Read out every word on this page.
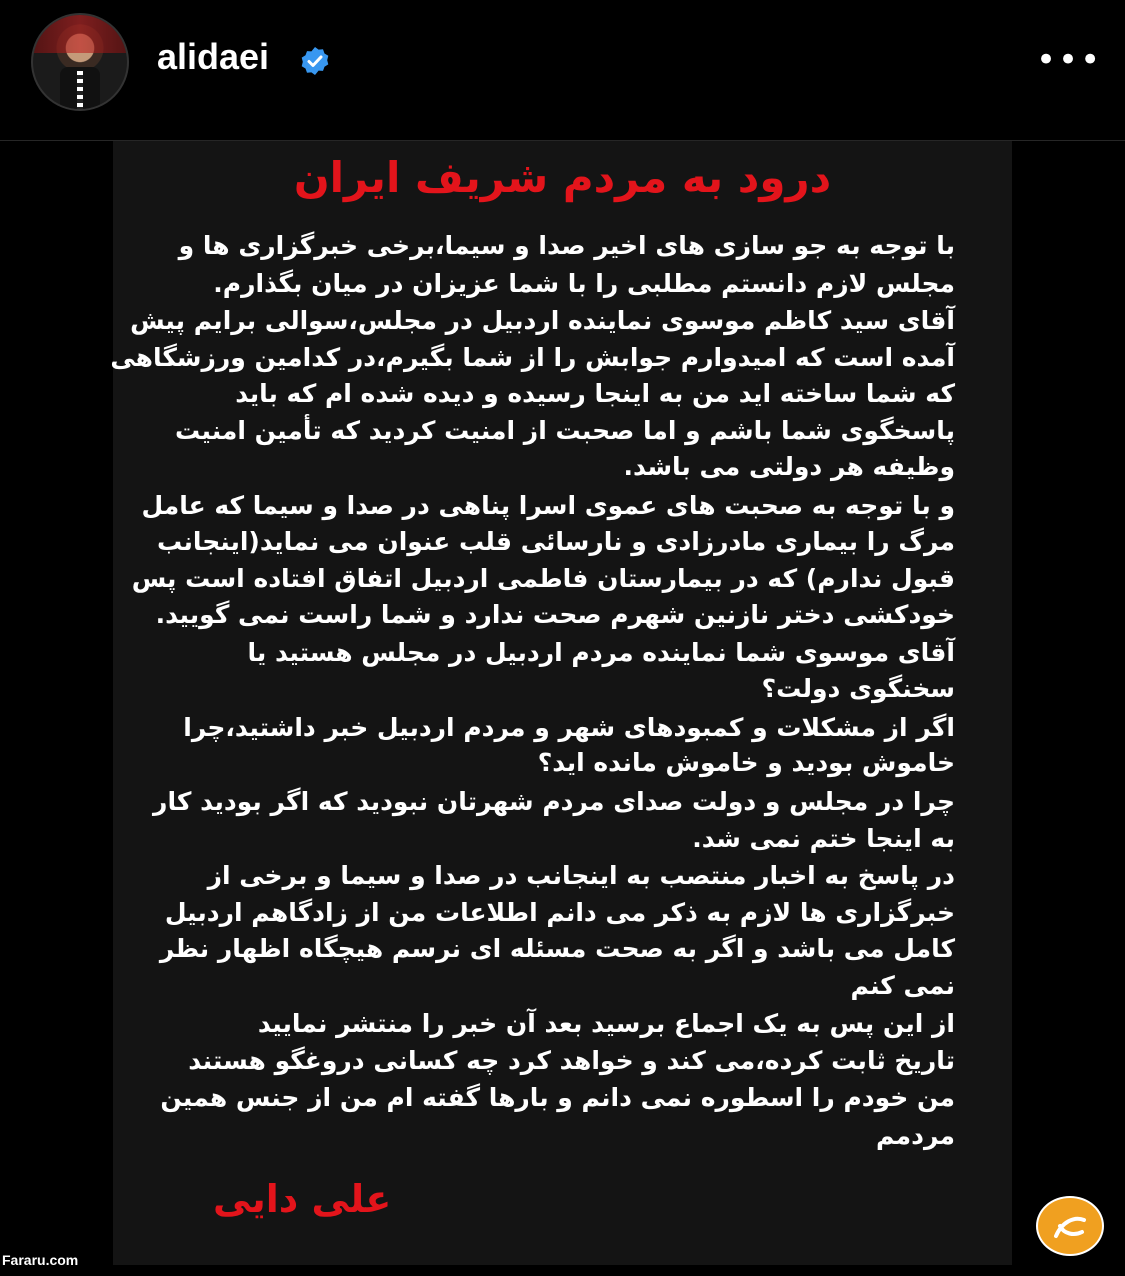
alidaei	•••
درود به مردم شریف ایران
با توجه به جو سازی های اخیر صدا و سیما،برخی خبرگزاری ها و
مجلس لازم دانستم مطلبی را با شما عزیزان در میان بگذارم.
آقای سید کاظم موسوی نماینده اردبیل در مجلس،سوالی برایم پیش
آمده است که امیدوارم جوابش را از شما بگیرم،در کدامین ورزشگاهی
که شما ساخته اید من به اینجا رسیده و دیده شده ام که باید
پاسخگوی شما باشم و اما صحبت از امنیت کردید که تأمین امنیت
وظیفه هر دولتی می باشد.
و با توجه به صحبت های عموی اسرا پناهی در صدا و سیما که عامل
مرگ را بیماری مادرزادی و نارسائی قلب عنوان می نماید(اینجانب
قبول ندارم) که در بیمارستان فاطمی اردبیل اتفاق افتاده است پس
خودکشی دختر نازنین شهرم صحت ندارد و شما راست نمی گویید.
آقای موسوی شما نماینده مردم اردبیل در مجلس هستید یا
سخنگوی دولت؟
اگر از مشکلات و کمبودهای شهر و مردم اردبیل خبر داشتید،چرا
خاموش بودید و خاموش مانده اید؟
چرا در مجلس و دولت صدای مردم شهرتان نبودید که اگر بودید کار
به اینجا ختم نمی شد.
در پاسخ به اخبار منتصب به اینجانب در صدا و سیما و برخی از
خبرگزاری ها لازم به ذکر می دانم اطلاعات من از زادگاهم اردبیل
کامل می باشد و اگر به صحت مسئله ای نرسم هیچگاه اظهار نظر
نمی کنم
از این پس به یک اجماع برسید بعد آن خبر را منتشر نمایید
تاریخ ثابت کرده،می کند و خواهد کرد چه کسانی دروغگو هستند
من خودم را اسطوره نمی دانم و بارها گفته ام من از جنس همین
مردمم
علی دایی
Fararu.com
